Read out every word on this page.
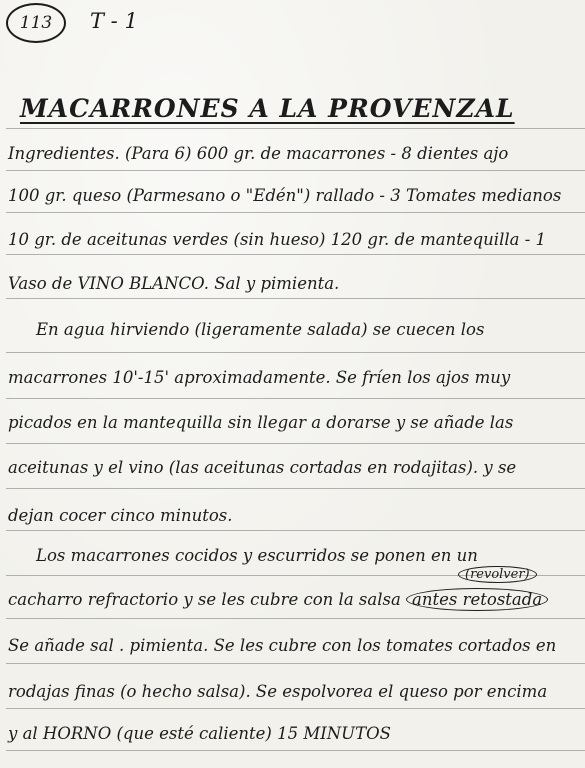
113 T - 1
MACARRONES A LA PROVENZAL
Ingredientes. (Para 6) 600 gr. de macarrones - 8 dientes ajo
100 gr. queso (Parmesano o "Edén") rallado - 3 Tomates medianos
10 gr. de aceitunas verdes (sin hueso) 120 gr. de mantequilla - 1
Vaso de VINO BLANCO. Sal y pimienta.
En agua hirviendo (ligeramente salada) se cuecen los
macarrones 10'-15' aproximadamente. Se fríen los ajos muy
picados en la mantequilla sin llegar a dorarse y se añade las
aceitunas y el vino (las aceitunas cortadas en rodajitas). y se
dejan cocer cinco minutos.
Los macarrones cocidos y escurridos se ponen en un
cacharro refractorio y se les cubre con la salsa antes retostada
(revolver)
Se añade sal . pimienta. Se les cubre con los tomates cortados en
rodajas finas (o hecho salsa). Se espolvorea el queso por encima
y al HORNO (que esté caliente) 15 MINUTOS
